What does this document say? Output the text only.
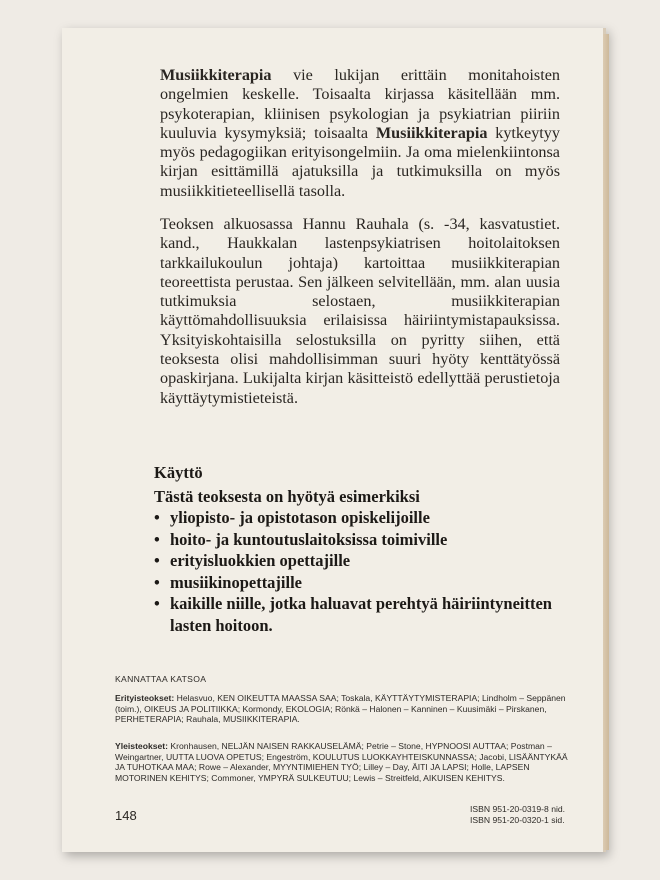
Musiikkiterapia vie lukijan erittäin monitahoisten ongelmien keskelle. Toisaalta kirjassa käsitellään mm. psykoterapian, kliinisen psykologian ja psykiatrian piiriin kuuluvia kysymyksiä; toisaalta Musiikkiterapia kytkeytyy myös pedagogiikan erityisongelmiin. Ja oma mielenkiintonsa kirjan esittämillä ajatuksilla ja tutkimuksilla on myös musiikkitieteellisellä tasolla.
Teoksen alkuosassa Hannu Rauhala (s. -34, kasvatustiet. kand., Haukkalan lastenpsykiatrisen hoitolaitoksen tarkkailukoulun johtaja) kartoittaa musiikkiterapian teoreettista perustaa. Sen jälkeen selvitellään, mm. alan uusia tutkimuksia selostaen, musiikkiterapian käyttömahdollisuuksia erilaisissa häiriintymistapauksissa. Yksityiskohtaisilla selostuksilla on pyritty siihen, että teoksesta olisi mahdollisimman suuri hyöty kenttätyössä opaskirjana. Lukijalta kirjan käsitteistö edellyttää perustietoja käyttäytymistieteistä.
Käyttö
Tästä teoksesta on hyötyä esimerkiksi
• yliopisto- ja opistotason opiskelijoille
• hoito- ja kuntoutuslaitoksissa toimiville
• erityisluokkien opettajille
• musiikinopettajille
• kaikille niille, jotka haluavat perehtyä häiriintyneitten lasten hoitoon.
KANNATTAA KATSOA
Erityisteokset: Helasvuo, KEN OIKEUTTA MAASSA SAA; Toskala, KÄYTTÄYTYMISTERAPIA; Lindholm – Seppänen (toim.), OIKEUS JA POLITIIKKA; Kormondy, EKOLOGIA; Rönkä – Halonen – Kanninen – Kuusimäki – Pirskanen, PERHETERAPIA; Rauhala, MUSIIKKITERAPIA.
Yleisteokset: Kronhausen, NELJÄN NAISEN RAKKAUSELÄMÄ; Petrie – Stone, HYPNOOSI AUTTAA; Postman – Weingartner, UUTTA LUOVA OPETUS; Engeström, KOULUTUS LUOKKAYHTEISKUNNASSA; Jacobi, LISÄÄNTYKÄÄ JA TUHOTKAA MAA; Rowe – Alexander, MYYNTIMIEHEN TYÖ; Lilley – Day, ÄITI JA LAPSI; Holle, LAPSEN MOTORINEN KEHITYS; Commoner, YMPYRÄ SULKEUTUU; Lewis – Streitfeld, AIKUISEN KEHITYS.
148	ISBN 951-20-0319-8 nid.
ISBN 951-20-0320-1 sid.
